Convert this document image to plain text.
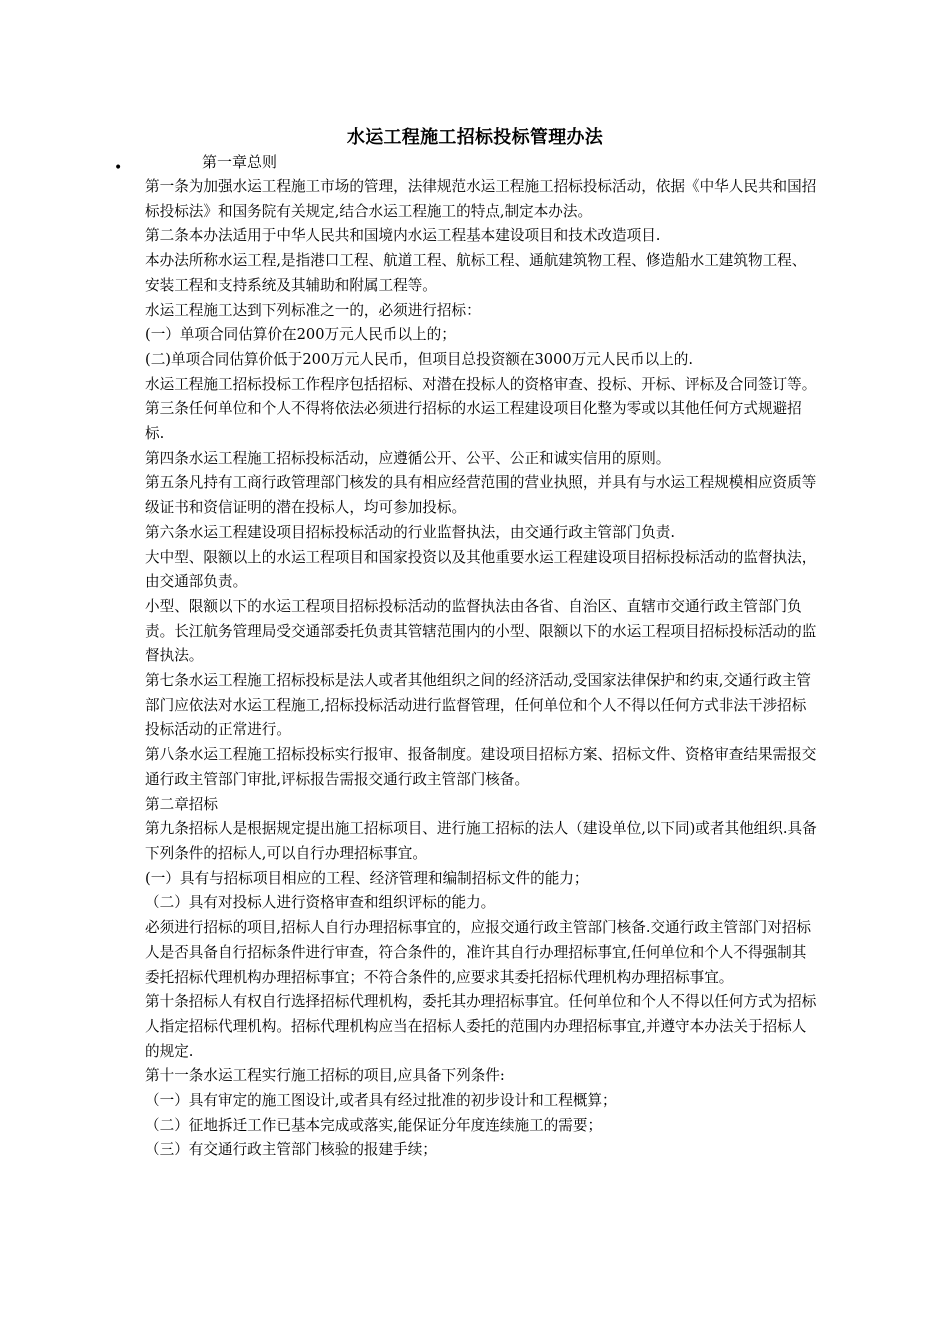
水运工程施工招标投标管理办法
•	第一章总则

第一条为加强水运工程施工市场的管理，法律规范水运工程施工招标投标活动，依据《中华人民共和国招标投标法》和国务院有关规定,结合水运工程施工的特点,制定本办法。

第二条本办法适用于中华人民共和国境内水运工程基本建设项目和技术改造项目.

本办法所称水运工程,是指港口工程、航道工程、航标工程、通航建筑物工程、修造船水工建筑物工程、安装工程和支持系统及其辅助和附属工程等。

水运工程施工达到下列标准之一的，必须进行招标：

(一）单项合同估算价在200万元人民币以上的；

(二)单项合同估算价低于200万元人民币，但项目总投资额在3000万元人民币以上的.

水运工程施工招标投标工作程序包括招标、对潜在投标人的资格审查、投标、开标、评标及合同签订等。

第三条任何单位和个人不得将依法必须进行招标的水运工程建设项目化整为零或以其他任何方式规避招标.

第四条水运工程施工招标投标活动，应遵循公开、公平、公正和诚实信用的原则。

第五条凡持有工商行政管理部门核发的具有相应经营范围的营业执照，并具有与水运工程规模相应资质等级证书和资信证明的潜在投标人，均可参加投标。

第六条水运工程建设项目招标投标活动的行业监督执法，由交通行政主管部门负责.

大中型、限额以上的水运工程项目和国家投资以及其他重要水运工程建设项目招标投标活动的监督执法，由交通部负责。

小型、限额以下的水运工程项目招标投标活动的监督执法由各省、自治区、直辖市交通行政主管部门负责。长江航务管理局受交通部委托负责其管辖范围内的小型、限额以下的水运工程项目招标投标活动的监督执法。

第七条水运工程施工招标投标是法人或者其他组织之间的经济活动,受国家法律保护和约束,交通行政主管部门应依法对水运工程施工,招标投标活动进行监督管理，任何单位和个人不得以任何方式非法干涉招标投标活动的正常进行。

第八条水运工程施工招标投标实行报审、报备制度。建设项目招标方案、招标文件、资格审查结果需报交通行政主管部门审批,评标报告需报交通行政主管部门核备。

第二章招标

第九条招标人是根据规定提出施工招标项目、进行施工招标的法人（建设单位,以下同)或者其他组织.具备下列条件的招标人,可以自行办理招标事宜。

(一）具有与招标项目相应的工程、经济管理和编制招标文件的能力；

（二）具有对投标人进行资格审查和组织评标的能力。

必须进行招标的项目,招标人自行办理招标事宜的，应报交通行政主管部门核备.交通行政主管部门对招标人是否具备自行招标条件进行审查，符合条件的，准许其自行办理招标事宜,任何单位和个人不得强制其委托招标代理机构办理招标事宜；不符合条件的,应要求其委托招标代理机构办理招标事宜。

第十条招标人有权自行选择招标代理机构，委托其办理招标事宜。任何单位和个人不得以任何方式为招标人指定招标代理机构。招标代理机构应当在招标人委托的范围内办理招标事宜,并遵守本办法关于招标人的规定.

第十一条水运工程实行施工招标的项目,应具备下列条件:

（一）具有审定的施工图设计,或者具有经过批准的初步设计和工程概算；

（二）征地拆迁工作已基本完成或落实,能保证分年度连续施工的需要；

（三）有交通行政主管部门核验的报建手续；
